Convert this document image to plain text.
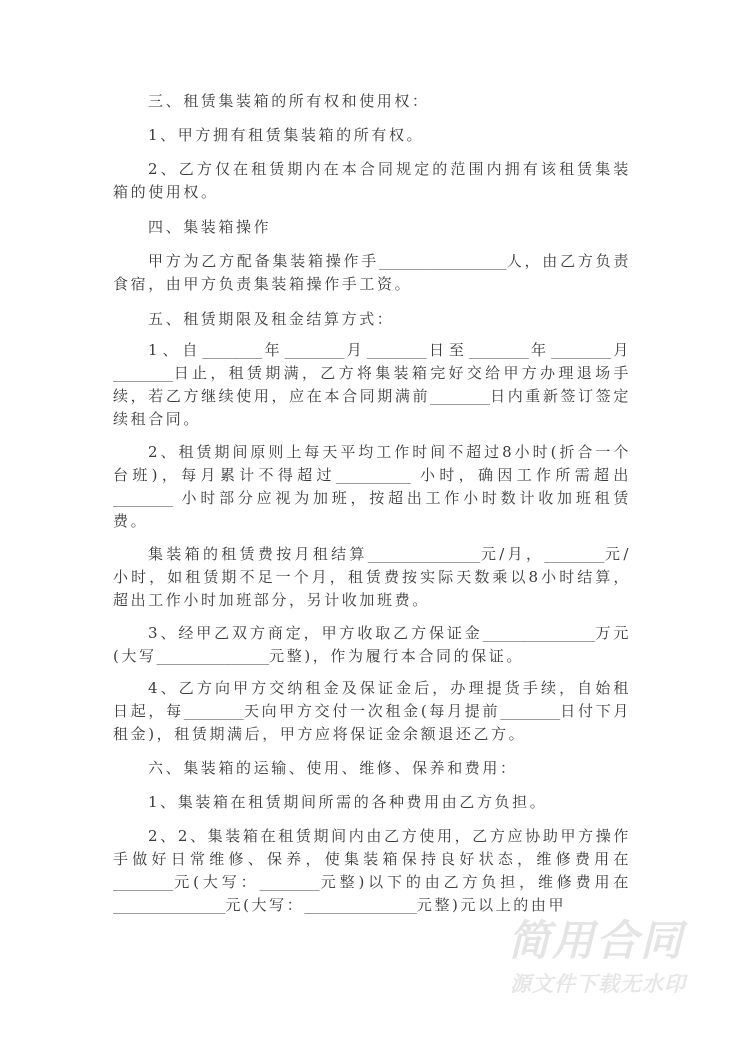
三、租赁集装箱的所有权和使用权：

1、甲方拥有租赁集装箱的所有权。

2、乙方仅在租赁期内在本合同规定的范围内拥有该租赁集装箱的使用权。

四、集装箱操作

甲方为乙方配备集装箱操作手_________________人，由乙方负责食宿，由甲方负责集装箱操作手工资。

五、租赁期限及租金结算方式：

1、自________年________月________日至________年________月________日止，租赁期满，乙方将集装箱完好交给甲方办理退场手续，若乙方继续使用，应在本合同期满前________日内重新签订签定续租合同。

2、租赁期间原则上每天平均工作时间不超过8小时(折合一个台班)，每月累计不得超过__________ 小时，确因工作所需超出________ 小时部分应视为加班，按超出工作小时数计收加班租赁费。

集装箱的租赁费按月租结算_______________元/月，________元/小时，如租赁期不足一个月，租赁费按实际天数乘以8小时结算，超出工作小时加班部分，另计收加班费。

3、经甲乙双方商定，甲方收取乙方保证金_______________万元(大写_______________元整)，作为履行本合同的保证。

4、乙方向甲方交纳租金及保证金后，办理提货手续，自始租日起，每________天向甲方交付一次租金(每月提前________日付下月租金)，租赁期满后，甲方应将保证金余额退还乙方。

六、集装箱的运输、使用、维修、保养和费用：

1、集装箱在租赁期间所需的各种费用由乙方负担。

2、2、集装箱在租赁期间内由乙方使用，乙方应协助甲方操作手做好日常维修、保养，使集装箱保持良好状态，维修费用在________元(大写：________元整)以下的由乙方负担，维修费用在_______________元(大写：_______________元整)元以上的由甲

简用合同
源文件下载无水印
